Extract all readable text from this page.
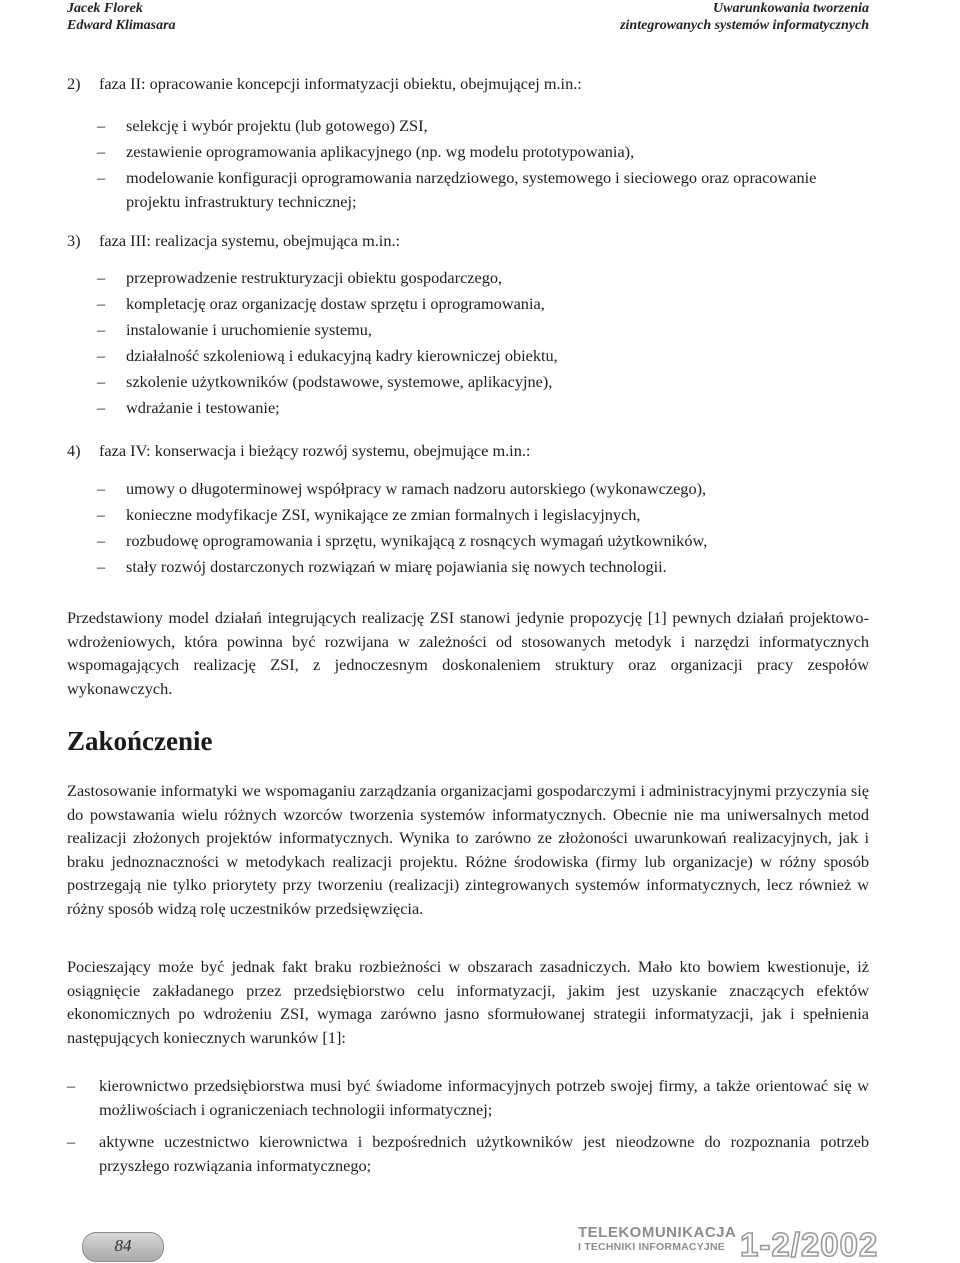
Jacek Florek
Edward Klimasara
Uwarunkowania tworzenia
zintegrowanych systemów informatycznych
2) faza II: opracowanie koncepcji informatyzacji obiektu, obejmującej m.in.:
– selekcję i wybór projektu (lub gotowego) ZSI,
– zestawienie oprogramowania aplikacyjnego (np. wg modelu prototypowania),
– modelowanie konfiguracji oprogramowania narzędziowego, systemowego i sieciowego oraz opracowanie projektu infrastruktury technicznej;
3) faza III: realizacja systemu, obejmująca m.in.:
– przeprowadzenie restrukturyzacji obiektu gospodarczego,
– kompletację oraz organizację dostaw sprzętu i oprogramowania,
– instalowanie i uruchomienie systemu,
– działalność szkoleniową i edukacyjną kadry kierowniczej obiektu,
– szkolenie użytkowników (podstawowe, systemowe, aplikacyjne),
– wdrażanie i testowanie;
4) faza IV: konserwacja i bieżący rozwój systemu, obejmujące m.in.:
– umowy o długoterminowej współpracy w ramach nadzoru autorskiego (wykonawczego),
– konieczne modyfikacje ZSI, wynikające ze zmian formalnych i legislacyjnych,
– rozbudowę oprogramowania i sprzętu, wynikającą z rosnących wymagań użytkowników,
– stały rozwój dostarczonych rozwiązań w miarę pojawiania się nowych technologii.

Przedstawiony model działań integrujących realizację ZSI stanowi jedynie propozycję [1] pewnych działań projektowo-wdrożeniowych, która powinna być rozwijana w zależności od stosowanych metodyk i narzędzi informatycznych wspomagających realizację ZSI, z jednoczesnym doskonaleniem struktury oraz organizacji pracy zespołów wykonawczych.

Zakończenie

Zastosowanie informatyki we wspomaganiu zarządzania organizacjami gospodarczymi i administracyjnymi przyczynia się do powstawania wielu różnych wzorców tworzenia systemów informatycznych. Obecnie nie ma uniwersalnych metod realizacji złożonych projektów informatycznych. Wynika to zarówno ze złożoności uwarunkowań realizacyjnych, jak i braku jednoznaczności w metodykach realizacji projektu. Różne środowiska (firmy lub organizacje) w różny sposób postrzegają nie tylko priorytety przy tworzeniu (realizacji) zintegrowanych systemów informatycznych, lecz również w różny sposób widzą rolę uczestników przedsięwzięcia.

Pocieszający może być jednak fakt braku rozbieżności w obszarach zasadniczych. Mało kto bowiem kwestionuje, iż osiągnięcie zakładanego przez przedsiębiorstwo celu informatyzacji, jakim jest uzyskanie znaczących efektów ekonomicznych po wdrożeniu ZSI, wymaga zarówno jasno sformułowanej strategii informatyzacji, jak i spełnienia następujących koniecznych warunków [1]:

– kierownictwo przedsiębiorstwa musi być świadome informacyjnych potrzeb swojej firmy, a także orientować się w możliwościach i ograniczeniach technologii informatycznej;
– aktywne uczestnictwo kierownictwa i bezpośrednich użytkowników jest nieodzowne do rozpoznania potrzeb przyszłego rozwiązania informatycznego;
84
TELEKOMUNIKACJA
I TECHNIKI INFORMACYJNE 1-2/2002
